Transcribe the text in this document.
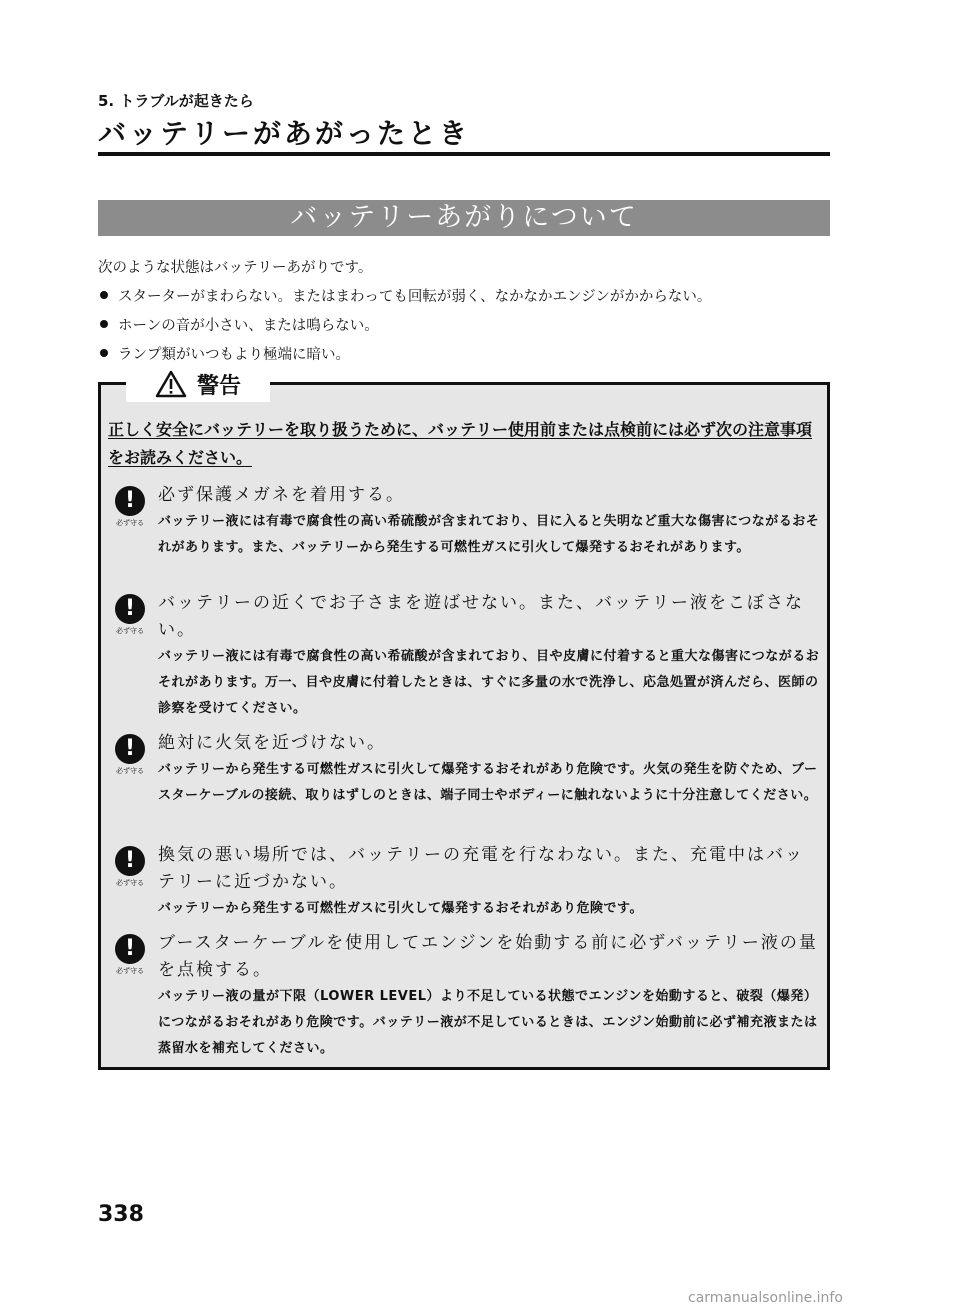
5. トラブルが起きたら
バッテリーがあがったとき
バッテリーあがりについて

次のような状態はバッテリーあがりです。

スターターがまわらない。またはまわっても回転が弱く、なかなかエンジンがかからない。
ホーンの音が小さい、または鳴らない。
ランプ類がいつもより極端に暗い。
警告
正しく安全にバッテリーを取り扱うために、バッテリー使用前または点検前には必ず次の注意事項をお読みください。
!
必ず守る
必ず保護メガネを着用する。
バッテリー液には有毒で腐食性の高い希硫酸が含まれており、目に入ると失明など重大な傷害につながるおそれがあります。また、バッテリーから発生する可燃性ガスに引火して爆発するおそれがあります。
!
必ず守る
バッテリーの近くでお子さまを遊ばせない。また、バッテリー液をこぼさない。
バッテリー液には有毒で腐食性の高い希硫酸が含まれており、目や皮膚に付着すると重大な傷害につながるおそれがあります。万一、目や皮膚に付着したときは、すぐに多量の水で洗浄し、応急処置が済んだら、医師の診察を受けてください。
!
必ず守る
絶対に火気を近づけない。
バッテリーから発生する可燃性ガスに引火して爆発するおそれがあり危険です。火気の発生を防ぐため、ブースターケーブルの接続、取りはずしのときは、端子同士やボディーに触れないように十分注意してください。
!
必ず守る
換気の悪い場所では、バッテリーの充電を行なわない。また、充電中はバッテリーに近づかない。
バッテリーから発生する可燃性ガスに引火して爆発するおそれがあり危険です。
!
必ず守る
ブースターケーブルを使用してエンジンを始動する前に必ずバッテリー液の量を点検する。
バッテリー液の量が下限（LOWER LEVEL）より不足している状態でエンジンを始動すると、破裂（爆発）につながるおそれがあり危険です。バッテリー液が不足しているときは、エンジン始動前に必ず補充液または蒸留水を補充してください。
338
carmanualsonline.info
